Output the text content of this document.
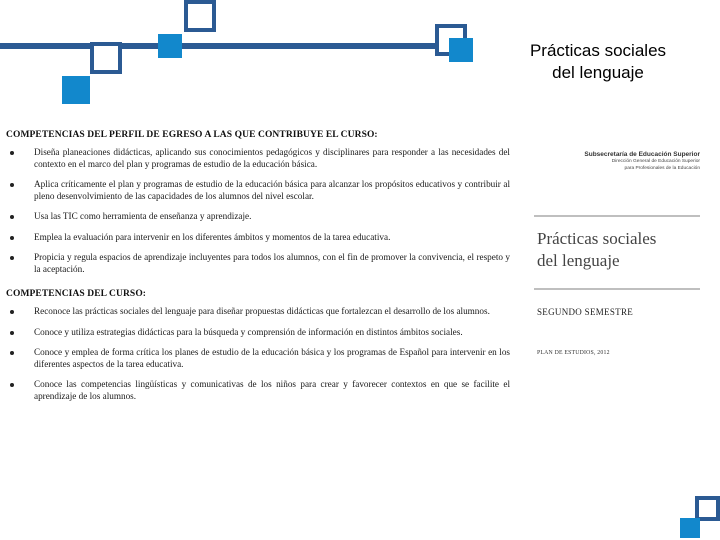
Prácticas sociales
del lenguaje
COMPETENCIAS DEL PERFIL DE EGRESO A LAS QUE CONTRIBUYE EL CURSO:
Diseña planeaciones didácticas, aplicando sus conocimientos pedagógicos y disciplinares para responder a las necesidades del contexto en el marco del plan y programas de estudio de la educación básica.
Aplica críticamente el plan y programas de estudio de la educación básica para alcanzar los propósitos educativos y contribuir al pleno desenvolvimiento de las capacidades de los alumnos del nivel escolar.
Usa las TIC como herramienta de enseñanza y aprendizaje.
Emplea la evaluación para intervenir en los diferentes ámbitos y momentos de la tarea educativa.
Propicia y regula espacios de aprendizaje incluyentes para todos los alumnos, con el fin de promover la convivencia, el respeto y la aceptación.
COMPETENCIAS DEL CURSO:
Reconoce las prácticas sociales del lenguaje para diseñar propuestas didácticas que fortalezcan el desarrollo de los alumnos.
Conoce y utiliza estrategias didácticas para la búsqueda y comprensión de información en distintos ámbitos sociales.
Conoce y emplea de forma crítica los planes de estudio de la educación básica y los programas de Español para intervenir en los diferentes aspectos de la tarea educativa.
Conoce las competencias lingüísticas y comunicativas de los niños para crear y favorecer contextos en que se facilite el aprendizaje de los alumnos.
Subsecretaría de Educación Superior
Dirección General de Educación Superior
para Profesionales de la Educación
Prácticas sociales
del lenguaje
SEGUNDO SEMESTRE
PLAN DE ESTUDIOS, 2012
